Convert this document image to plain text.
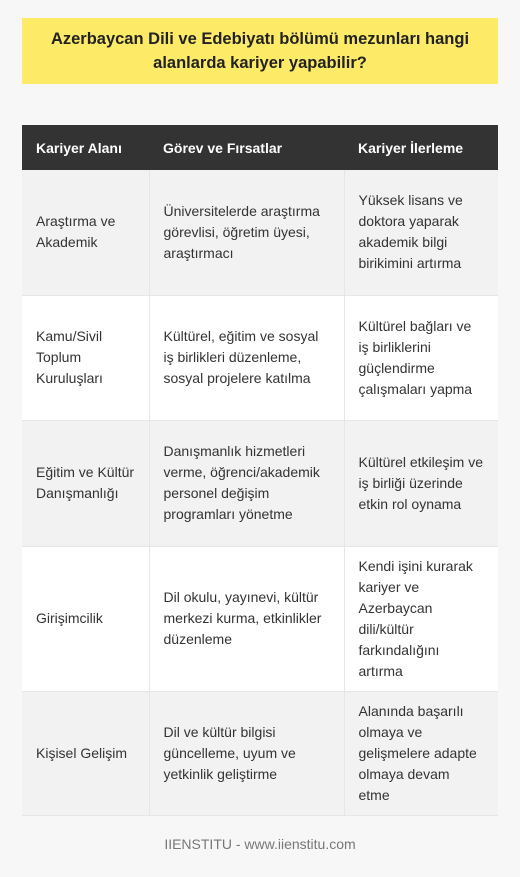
Azerbaycan Dili ve Edebiyatı bölümü mezunları hangi alanlarda kariyer yapabilir?
Kariyer Alanı	Görev ve Fırsatlar	Kariyer İlerleme
Araştırma ve Akademik	Üniversitelerde araştırma görevlisi, öğretim üyesi, araştırmacı	Yüksek lisans ve doktora yaparak akademik bilgi birikimini artırma
Kamu/Sivil Toplum Kuruluşları	Kültürel, eğitim ve sosyal iş birlikleri düzenleme, sosyal projelere katılma	Kültürel bağları ve iş birliklerini güçlendirme çalışmaları yapma
Eğitim ve Kültür Danışmanlığı	Danışmanlık hizmetleri verme, öğrenci/akademik personel değişim programları yönetme	Kültürel etkileşim ve iş birliği üzerinde etkin rol oynama
Girişimcilik	Dil okulu, yayınevi, kültür merkezi kurma, etkinlikler düzenleme	Kendi işini kurarak kariyer ve Azerbaycan dili/kültür farkındalığını artırma
Kişisel Gelişim	Dil ve kültür bilgisi güncelleme, uyum ve yetkinlik geliştirme	Alanında başarılı olmaya ve gelişmelere adapte olmaya devam etme
IIENSTITU - www.iienstitu.com
